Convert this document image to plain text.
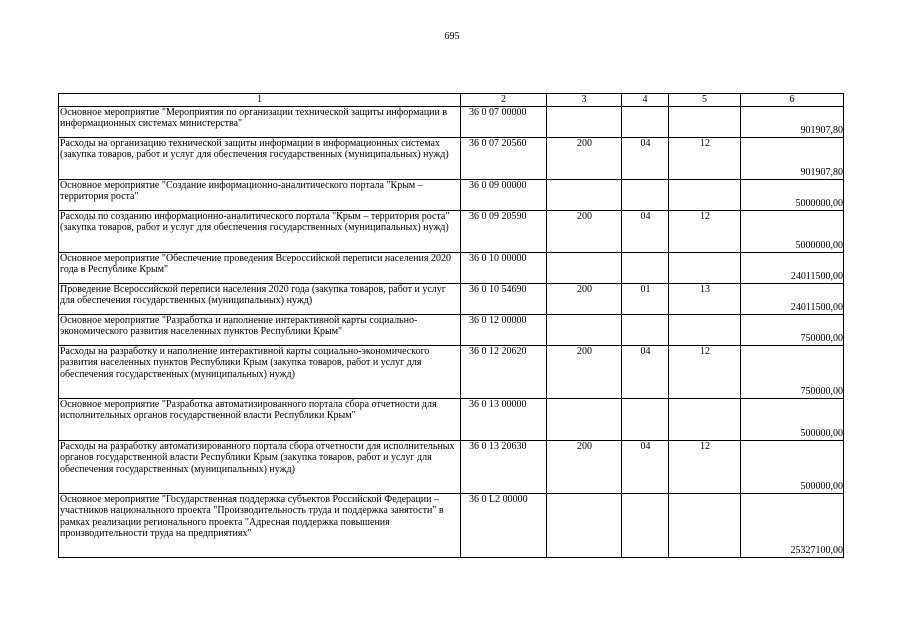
695
1	2	3	4	5	6
Основное мероприятие "Мероприятия по организации технической защиты информации в информационных системах министерства"	36 0 07 00000				901907,80
Расходы на организацию технической защиты информации в информационных системах (закупка товаров, работ и услуг для обеспечения государственных (муниципальных) нужд)	36 0 07 20560	200	04	12	901907,80
Основное мероприятие "Создание информационно-аналитического портала "Крым – территория роста"	36 0 09 00000				5000000,00
Расходы по созданию информационно-аналитического портала "Крым – территория роста" (закупка товаров, работ и услуг для обеспечения государственных (муниципальных) нужд)	36 0 09 20590	200	04	12	5000000,00
Основное мероприятие "Обеспечение проведения Всероссийской переписи населения 2020 года в Республике Крым"	36 0 10 00000				24011500,00
Проведение Всероссийской переписи населения 2020 года (закупка товаров, работ и услуг для обеспечения государственных (муниципальных) нужд)	36 0 10 54690	200	01	13	24011500,00
Основное мероприятие "Разработка и наполнение интерактивной карты социально-экономического развития населенных пунктов Республики Крым"	36 0 12 00000				750000,00
Расходы на разработку и наполнение интерактивной карты социально-экономического развития населенных пунктов Республики Крым (закупка товаров, работ и услуг для обеспечения государственных (муниципальных) нужд)	36 0 12 20620	200	04	12	750000,00
Основное мероприятие "Разработка автоматизированного портала сбора отчетности для исполнительных органов государственной власти Республики Крым"	36 0 13 00000				500000,00
Расходы на разработку автоматизированного портала сбора отчетности для исполнительных органов государственной власти Республики Крым (закупка товаров, работ и услуг для обеспечения государственных (муниципальных) нужд)	36 0 13 20630	200	04	12	500000,00
Основное мероприятие "Государственная поддержка субъектов Российской Федерации – участников национального проекта "Производительность труда и поддержка занятости" в рамках реализации регионального проекта "Адресная поддержка повышения производительности труда на предприятиях"	36 0 L2 00000				25327100,00
